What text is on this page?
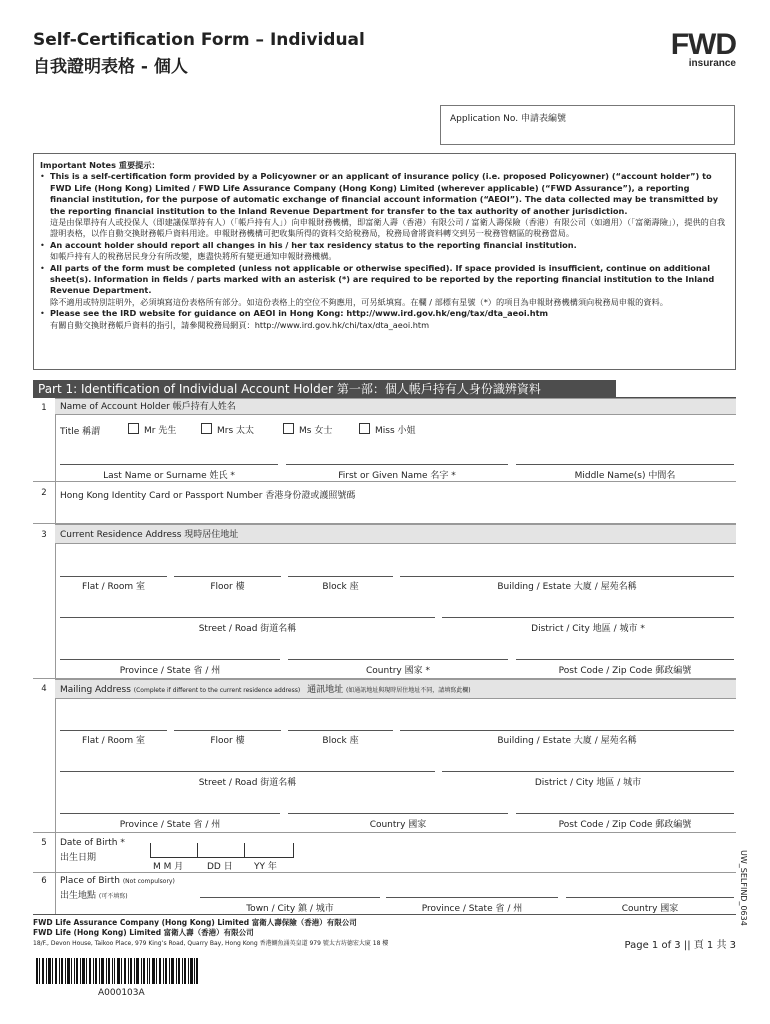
Self-Certification Form – Individual
自我證明表格 - 個人
FWD
insurance
Application No. 申請表編號

Important Notes 重要提示：

• This is a self-certification form provided by a Policyowner or an applicant of insurance policy (i.e. proposed Policyowner) (“account holder”) to FWD Life (Hong Kong) Limited / FWD Life Assurance Company (Hong Kong) Limited (wherever applicable) (“FWD Assurance”), a reporting financial institution, for the purpose of automatic exchange of financial account information (“AEOI”). The data collected may be transmitted by the reporting financial institution to the Inland Revenue Department for transfer to the tax authority of another jurisdiction.

這是由保單持有人或投保人（即建議保單持有人）（「帳戶持有人」）向申報財務機構，即富衛人壽（香港）有限公司 / 富衛人壽保險（香港）有限公司（如適用）（「富衛壽險」），提供的自我證明表格，以作自動交換財務帳戶資料用途。申報財務機構可把收集所得的資料交給稅務局，稅務局會將資料轉交到另一稅務管轄區的稅務當局。

• An account holder should report all changes in his / her tax residency status to the reporting financial institution.

如帳戶持有人的稅務居民身分有所改變，應盡快將所有變更通知申報財務機構。

• All parts of the form must be completed (unless not applicable or otherwise specified). If space provided is insufficient, continue on additional sheet(s). Information in fields / parts marked with an asterisk (*) are required to be reported by the reporting financial institution to the Inland Revenue Department.

除不適用或特別註明外，必須填寫這份表格所有部分。如這份表格上的空位不夠應用，可另紙填寫。在欄 / 部標有星號（*）的項目為申報財務機構須向稅務局申報的資料。

• Please see the IRD website for guidance on AEOI in Hong Kong: http://www.ird.gov.hk/eng/tax/dta_aeoi.htm

有關自動交換財務帳戶資料的指引，請參閱稅務局網頁：http://www.ird.gov.hk/chi/tax/dta_aeoi.htm

Part 1: Identification of Individual Account Holder 第一部：個人帳戶持有人身份識辨資料
1	Name of Account Holder 帳戶持有人姓名
Title 稱謂	Mr 先生	Mrs 太太	Ms 女士	Miss 小姐
Last Name or Surname 姓氏 *	First or Given Name 名字 *	Middle Name(s) 中間名
2	Hong Kong Identity Card or Passport Number 香港身份證或護照號碼
3	Current Residence Address 現時居住地址
Flat / Room 室	Floor 樓	Block 座	Building / Estate 大廈 / 屋苑名稱
Street / Road 街道名稱	District / City 地區 / 城市 *
Province / State 省 / 州	Country 國家 *	Post Code / Zip Code 郵政編號
4	Mailing Address (Complete if different to the current residence address) 通訊地址 (如通訊地址與現時居住地址不同，請填寫此欄)
Flat / Room 室	Floor 樓	Block 座	Building / Estate 大廈 / 屋苑名稱
Street / Road 街道名稱	District / City 地區 / 城市
Province / State 省 / 州	Country 國家	Post Code / Zip Code 郵政編號
5	Date of Birth *
出生日期
M M 月	DD 日 YY 年
6	Place of Birth (Not compulsory)
出生地點 (可不填寫)
Town / City 鎮 / 城市	Province / State 省 / 州	Country 國家	UW_SELFIND_0634
FWD Life Assurance Company (Hong Kong) Limited 富衛人壽保險（香港）有限公司
FWD Life (Hong Kong) Limited 富衛人壽（香港）有限公司
18/F., Devon House, Taikoo Place, 979 King’s Road, Quarry Bay, Hong Kong 香港鰂魚涌英皇道 979 號太古坊德宏大廈 18 樓	Page 1 of 3 || 頁 1 共 3
A000103A
